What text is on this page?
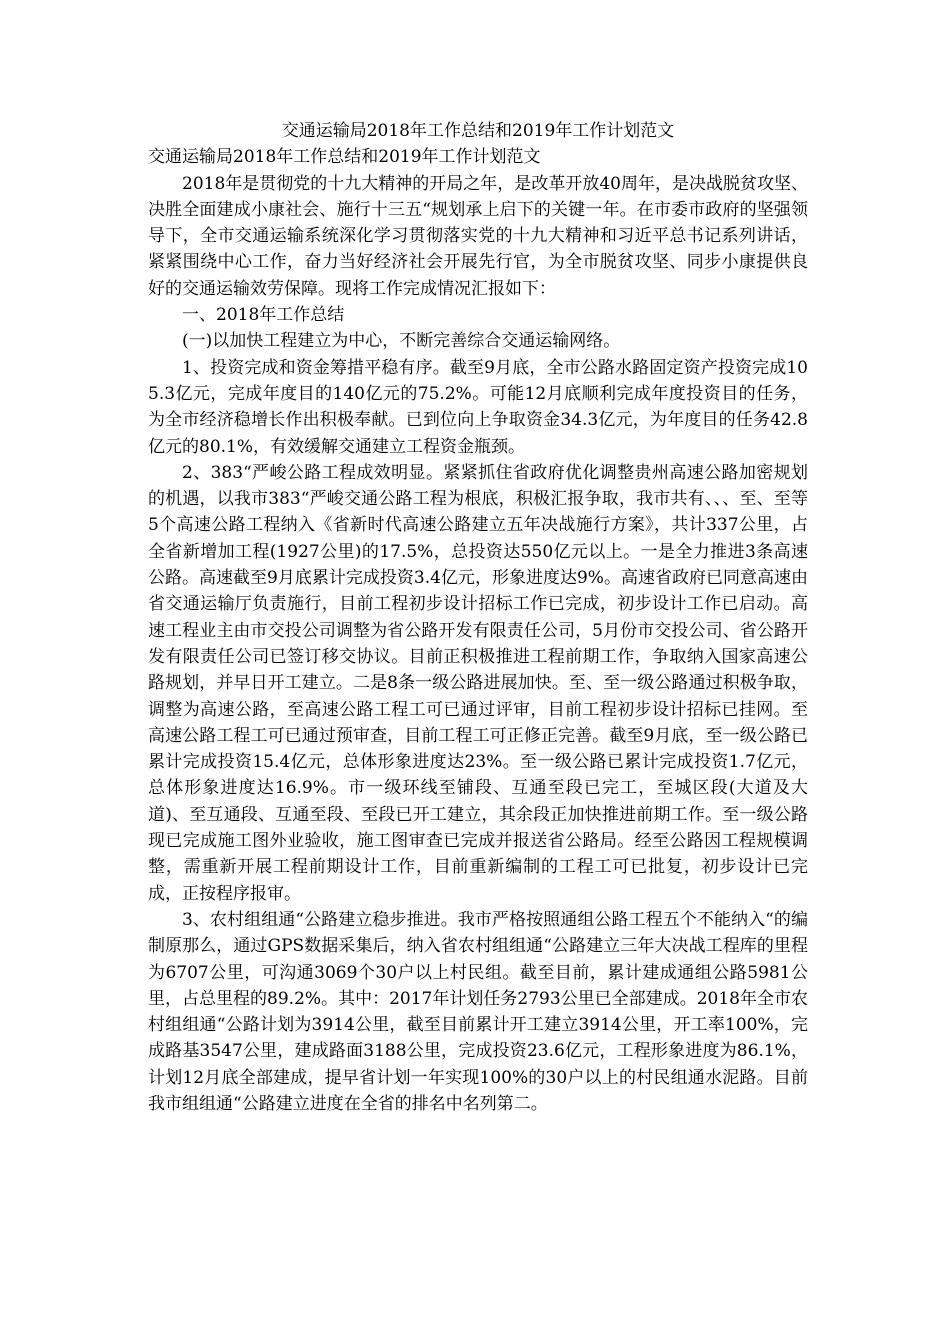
交通运输局2018年工作总结和2019年工作计划范文

交通运输局2018年工作总结和2019年工作计划范文

2018年是贯彻党的十九大精神的开局之年，是改革开放40周年，是决战脱贫攻坚、决胜全面建成小康社会、施行十三五“规划承上启下的关键一年。在市委市政府的坚强领导下，全市交通运输系统深化学习贯彻落实党的十九大精神和习近平总书记系列讲话，紧紧围绕中心工作，奋力当好经济社会开展先行官，为全市脱贫攻坚、同步小康提供良好的交通运输效劳保障。现将工作完成情况汇报如下：

一、2018年工作总结

(一)以加快工程建立为中心，不断完善综合交通运输网络。

1、投资完成和资金筹措平稳有序。截至9月底，全市公路水路固定资产投资完成105.3亿元，完成年度目的140亿元的75.2%。可能12月底顺利完成年度投资目的任务，为全市经济稳增长作出积极奉献。已到位向上争取资金34.3亿元，为年度目的任务42.8亿元的80.1%，有效缓解交通建立工程资金瓶颈。

2、383“严峻公路工程成效明显。紧紧抓住省政府优化调整贵州高速公路加密规划的机遇，以我市383“严峻交通公路工程为根底，积极汇报争取，我市共有、、、至、至等5个高速公路工程纳入《省新时代高速公路建立五年决战施行方案》，共计337公里，占全省新增加工程(1927公里)的17.5%，总投资达550亿元以上。一是全力推进3条高速公路。高速截至9月底累计完成投资3.4亿元，形象进度达9%。高速省政府已同意高速由省交通运输厅负责施行，目前工程初步设计招标工作已完成，初步设计工作已启动。高速工程业主由市交投公司调整为省公路开发有限责任公司，5月份市交投公司、省公路开发有限责任公司已签订移交协议。目前正积极推进工程前期工作，争取纳入国家高速公路规划，并早日开工建立。二是8条一级公路进展加快。至、至一级公路通过积极争取，调整为高速公路，至高速公路工程工可已通过评审，目前工程初步设计招标已挂网。至高速公路工程工可已通过预审查，目前工程工可正修正完善。截至9月底，至一级公路已累计完成投资15.4亿元，总体形象进度达23%。至一级公路已累计完成投资1.7亿元，总体形象进度达16.9%。市一级环线至铺段、互通至段已完工，至城区段(大道及大道)、至互通段、互通至段、至段已开工建立，其余段正加快推进前期工作。至一级公路现已完成施工图外业验收，施工图审查已完成并报送省公路局。经至公路因工程规模调整，需重新开展工程前期设计工作，目前重新编制的工程工可已批复，初步设计已完成，正按程序报审。

3、农村组组通“公路建立稳步推进。我市严格按照通组公路工程五个不能纳入“的编制原那么，通过GPS数据采集后，纳入省农村组组通“公路建立三年大决战工程库的里程为6707公里，可沟通3069个30户以上村民组。截至目前，累计建成通组公路5981公里，占总里程的89.2%。其中：2017年计划任务2793公里已全部建成。2018年全市农村组组通“公路计划为3914公里，截至目前累计开工建立3914公里，开工率100%，完成路基3547公里，建成路面3188公里，完成投资23.6亿元，工程形象进度为86.1%，计划12月底全部建成，提早省计划一年实现100%的30户以上的村民组通水泥路。目前我市组组通“公路建立进度在全省的排名中名列第二。
